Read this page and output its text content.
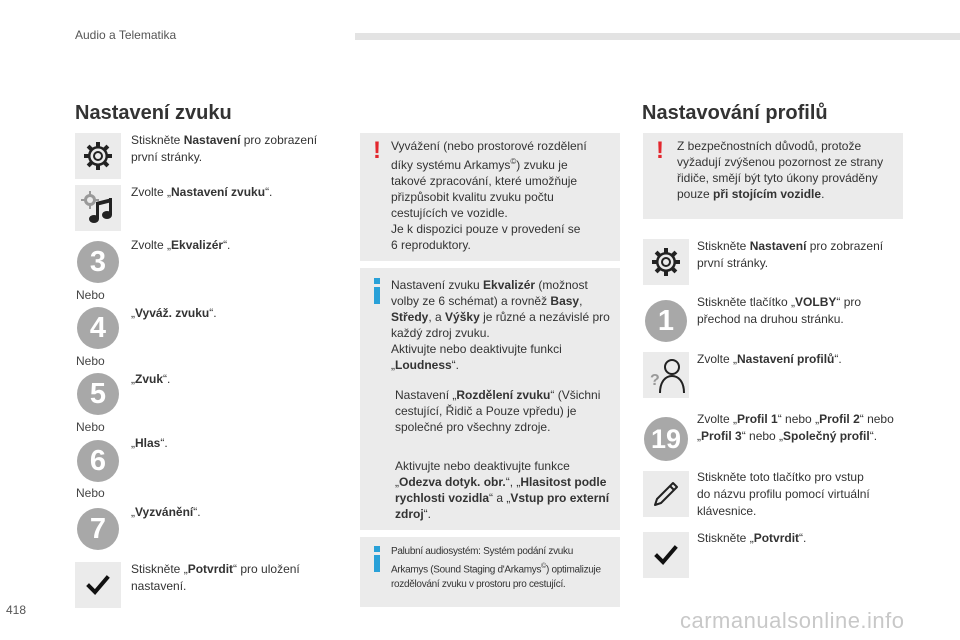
Audio a Telematika
Nastavení zvuku
Stiskněte Nastavení pro zobrazení první stránky.
Zvolte „Nastavení zvuku“.
3
Zvolte „Ekvalizér“.
Nebo
4	„Vyváž. zvuku“.
Nebo
5	„Zvuk“.
Nebo
6
„Hlas“.
Nebo
7
„Vyzvánění“.
Stiskněte „Potvrdit“ pro uložení nastavení.
! Vyvážení (nebo prostorové rozdělení
díky systému Arkamys©) zvuku je
takové zpracování, které umožňuje
přizpůsobit kvalitu zvuku počtu
cestujících ve vozidle.
Je k dispozici pouze v provedení se
6 reproduktory.
Nastavení zvuku Ekvalizér (možnost volby ze 6 schémat) a rovněž Basy, Středy, a Výšky je různé a nezávislé pro každý zdroj zvuku.
Aktivujte nebo deaktivujte funkci „Loudness“.
Nastavení „Rozdělení zvuku“ (Všichni cestující, Řidič a Pouze vpředu) je společné pro všechny zdroje.
Aktivujte nebo deaktivujte funkce „Odezva dotyk. obr.“, „Hlasitost podle rychlosti vozidla“ a „Vstup pro externí zdroj“.
Palubní audiosystém: Systém podání zvuku
Arkamys (Sound Staging d'Arkamys©) optimalizuje
rozdělování zvuku v prostoru pro cestující.
Nastavování profilů
! Z bezpečnostních důvodů, protože vyžadují zvýšenou pozornost ze strany řidiče, smějí být tyto úkony prováděny pouze při stojícím vozidle.
Stiskněte Nastavení pro zobrazení první stránky.
1
Stiskněte tlačítko „VOLBY“ pro přechod na druhou stránku.
?
Zvolte „Nastavení profilů“.
19
Zvolte „Profil 1“ nebo „Profil 2“ nebo „Profil 3“ nebo „Společný profil“.
Stiskněte toto tlačítko pro vstup
do názvu profilu pomocí virtuální
klávesnice.
Stiskněte „Potvrdit“.
418	carmanualsonline.info
